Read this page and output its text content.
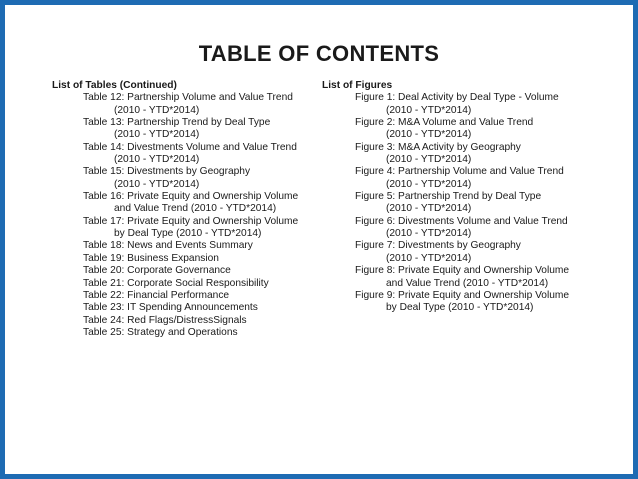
TABLE OF CONTENTS
List of Tables (Continued)
Table 12: Partnership Volume and Value Trend
(2010 - YTD*2014)
Table 13: Partnership Trend by Deal Type
(2010 - YTD*2014)
Table 14: Divestments Volume and Value Trend
(2010 - YTD*2014)
Table 15: Divestments by Geography
(2010 - YTD*2014)
Table 16: Private Equity and Ownership Volume
and Value Trend (2010 - YTD*2014)
Table 17: Private Equity and Ownership Volume
by Deal Type (2010 - YTD*2014)
Table 18: News and Events Summary
Table 19: Business Expansion
Table 20: Corporate Governance
Table 21: Corporate Social Responsibility
Table 22: Financial Performance
Table 23: IT Spending Announcements
Table 24: Red Flags/DistressSignals
Table 25: Strategy and Operations
List of Figures
Figure 1: Deal Activity by Deal Type - Volume
(2010 - YTD*2014)
Figure 2: M&A Volume and Value Trend
(2010 - YTD*2014)
Figure 3: M&A Activity by Geography
(2010 - YTD*2014)
Figure 4: Partnership Volume and Value Trend
(2010 - YTD*2014)
Figure 5: Partnership Trend by Deal Type
(2010 - YTD*2014)
Figure 6: Divestments Volume and Value Trend
(2010 - YTD*2014)
Figure 7: Divestments by Geography
(2010 - YTD*2014)
Figure 8: Private Equity and Ownership Volume
and Value Trend (2010 - YTD*2014)
Figure 9: Private Equity and Ownership Volume
by Deal Type (2010 - YTD*2014)
